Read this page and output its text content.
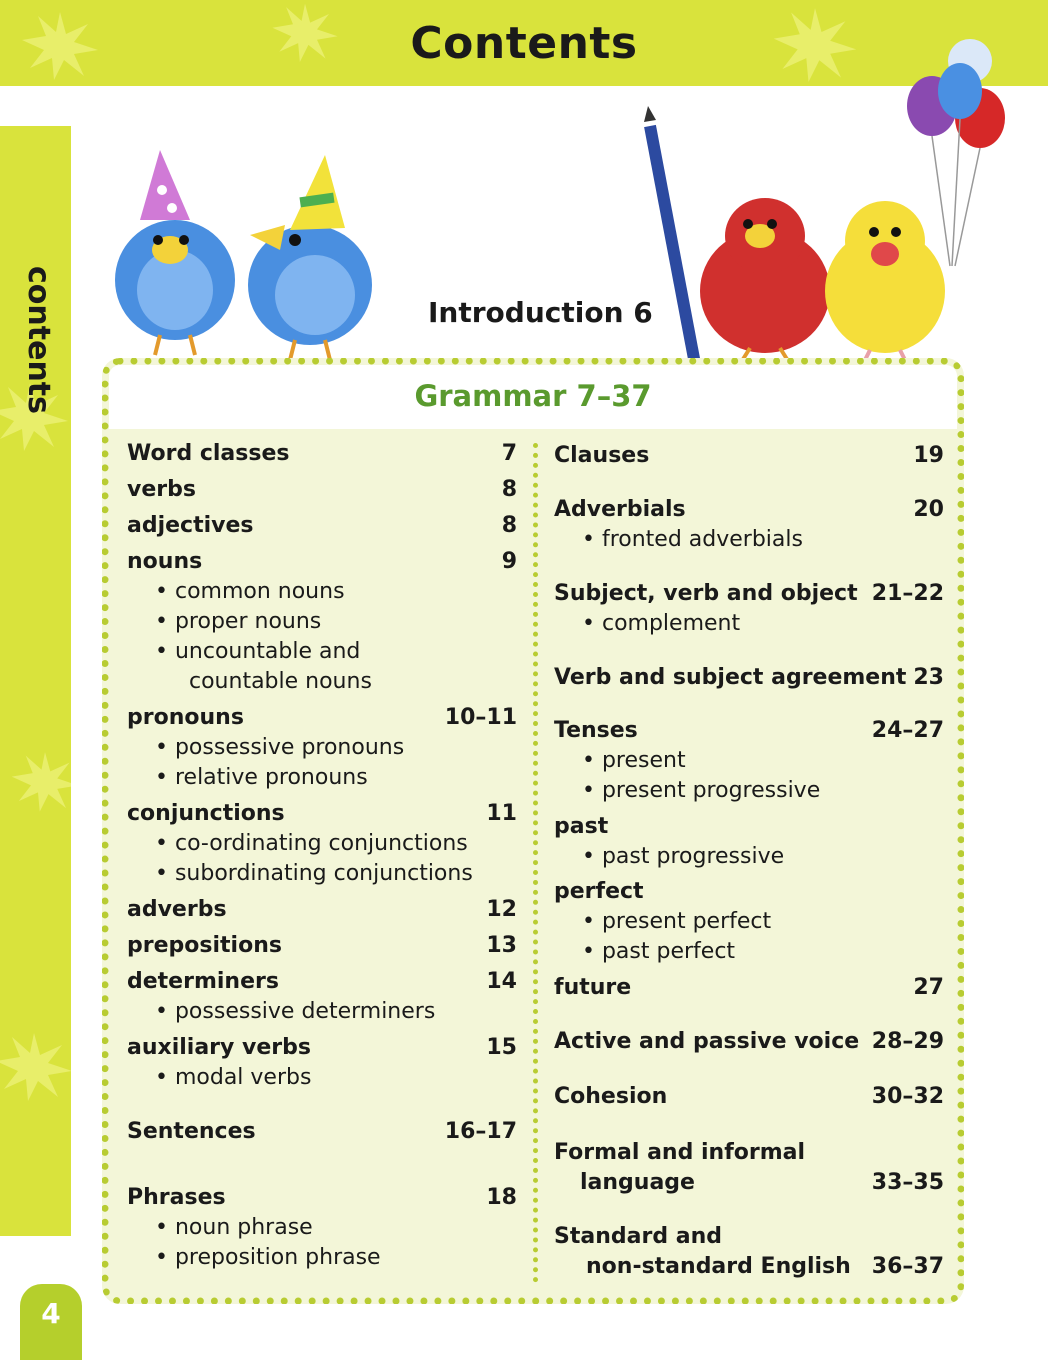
Contents
contents	Introduction 6
Grammar 7–37
Word classes	7
verbs	8
adjectives	8
nouns	9
• common nouns
• proper nouns
• uncountable and
countable nouns
pronouns	10–11
• possessive pronouns
• relative pronouns
conjunctions	11
• co-ordinating conjunctions
• subordinating conjunctions
adverbs	12
prepositions	13
determiners	14
• possessive determiners
auxiliary verbs	15
• modal verbs
Sentences	16–17
Phrases	18
• noun phrase
• preposition phrase
Clauses	19
Adverbials	20
• fronted adverbials
Subject, verb and object 21–22
• complement
Verb and subject agreement 23
Tenses	24–27
• present
• present progressive
past
• past progressive
perfect
• present perfect
• past perfect
future	27
Active and passive voice 28–29
Cohesion	30–32
Formal and informal
language	33–35
Standard and
non-standard English 36–37
4
